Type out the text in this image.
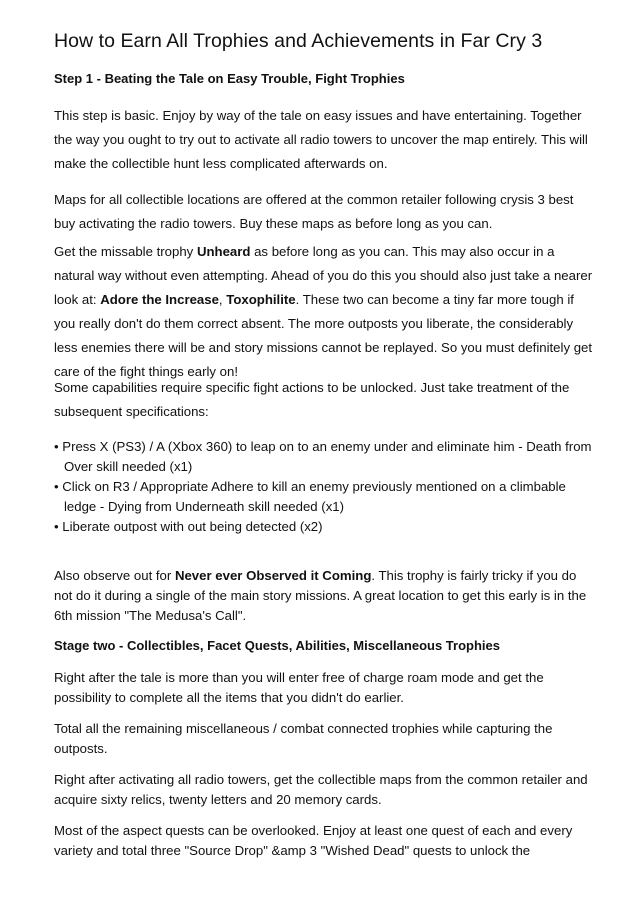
How to Earn All Trophies and Achievements in Far Cry 3
Step 1 - Beating the Tale on Easy Trouble, Fight Trophies

This step is basic. Enjoy by way of the tale on easy issues and have entertaining. Together
the way you ought to try out to activate all radio towers to uncover the map entirely. This will
make the collectible hunt less complicated afterwards on.

Maps for all collectible locations are offered at the common retailer following crysis 3 best
buy activating the radio towers. Buy these maps as before long as you can.

Get the missable trophy Unheard as before long as you can. This may also occur in a
natural way without even attempting. Ahead of you do this you should also just take a nearer
look at: Adore the Increase, Toxophilite. These two can become a tiny far more tough if
you really don't do them correct absent. The more outposts you liberate, the considerably
less enemies there will be and story missions cannot be replayed. So you must definitely get
care of the fight things early on!

Some capabilities require specific fight actions to be unlocked. Just take treatment of the
subsequent specifications:

• Press X (PS3) / A (Xbox 360) to leap on to an enemy under and eliminate him - Death from
Over skill needed (x1)
• Click on R3 / Appropriate Adhere to kill an enemy previously mentioned on a climbable
ledge - Dying from Underneath skill needed (x1)
• Liberate outpost with out being detected (x2)

Also observe out for Never ever Observed it Coming. This trophy is fairly tricky if you do
not do it during a single of the main story missions. A great location to get this early is in the
6th mission "The Medusa's Call".

Stage two - Collectibles, Facet Quests, Abilities, Miscellaneous Trophies

Right after the tale is more than you will enter free of charge roam mode and get the
possibility to complete all the items that you didn't do earlier.

Total all the remaining miscellaneous / combat connected trophies while capturing the
outposts.

Right after activating all radio towers, get the collectible maps from the common retailer and
acquire sixty relics, twenty letters and 20 memory cards.

Most of the aspect quests can be overlooked. Enjoy at least one quest of each and every
variety and total three "Source Drop" &amp 3 "Wished Dead" quests to unlock the
